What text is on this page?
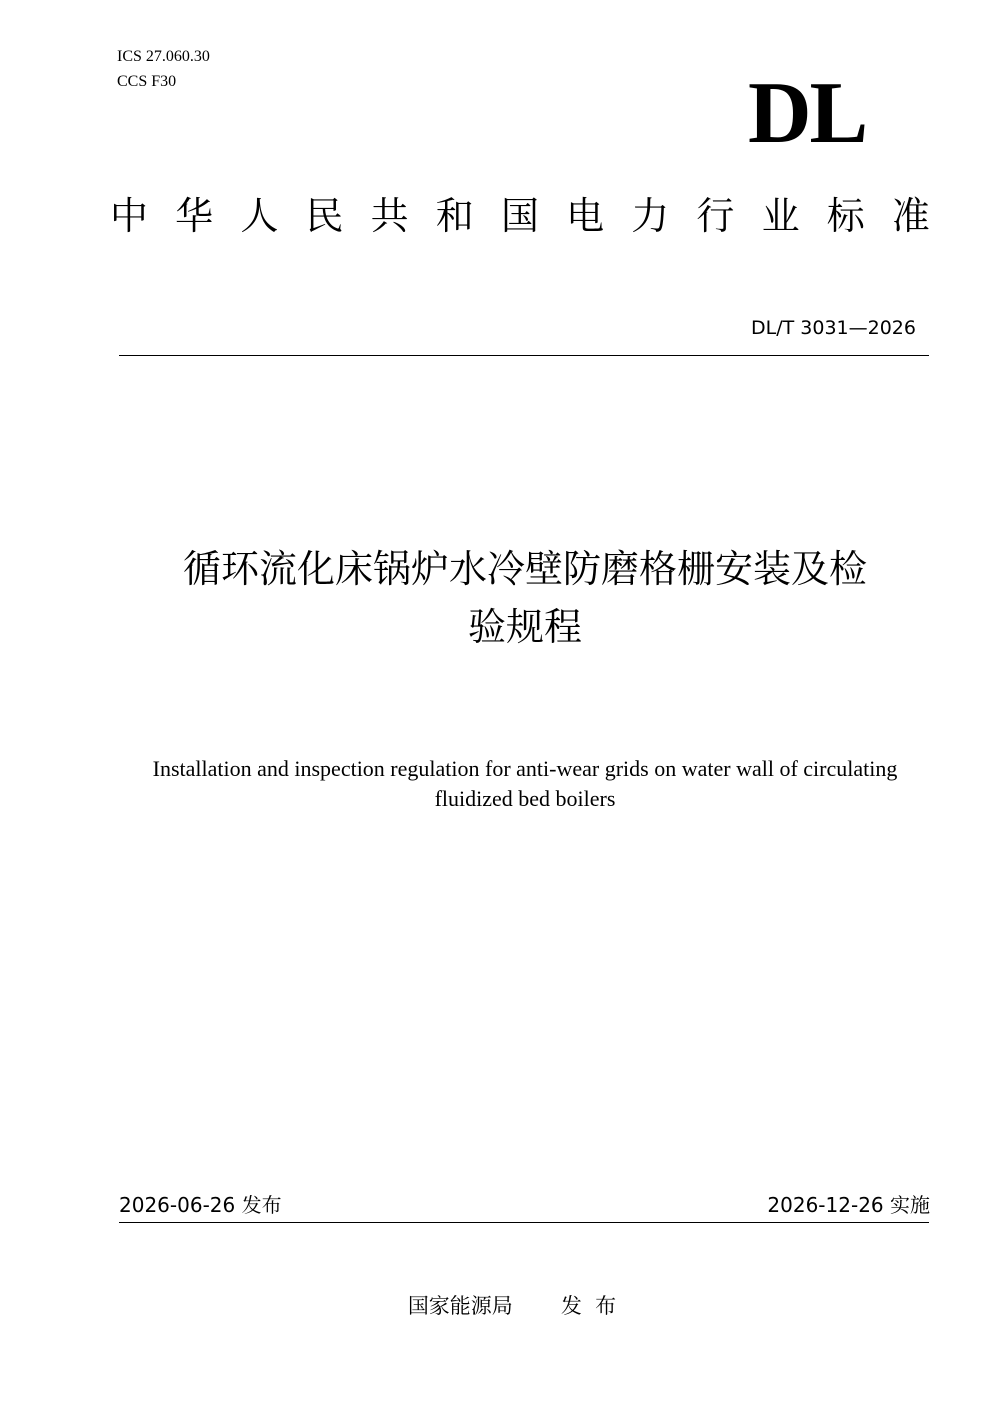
ICS 27.060.30
CCS F30	DL
中 华 人 民 共 和 国 电 力 行 业 标 准
DL/T 3031—2026
循环流化床锅炉水冷壁防磨格栅安装及检
验规程
Installation and inspection regulation for anti-wear grids on water wall of circulating
fluidized bed boilers
2026-06-26 发布	2026-12-26 实施
国家能源局 发  布
